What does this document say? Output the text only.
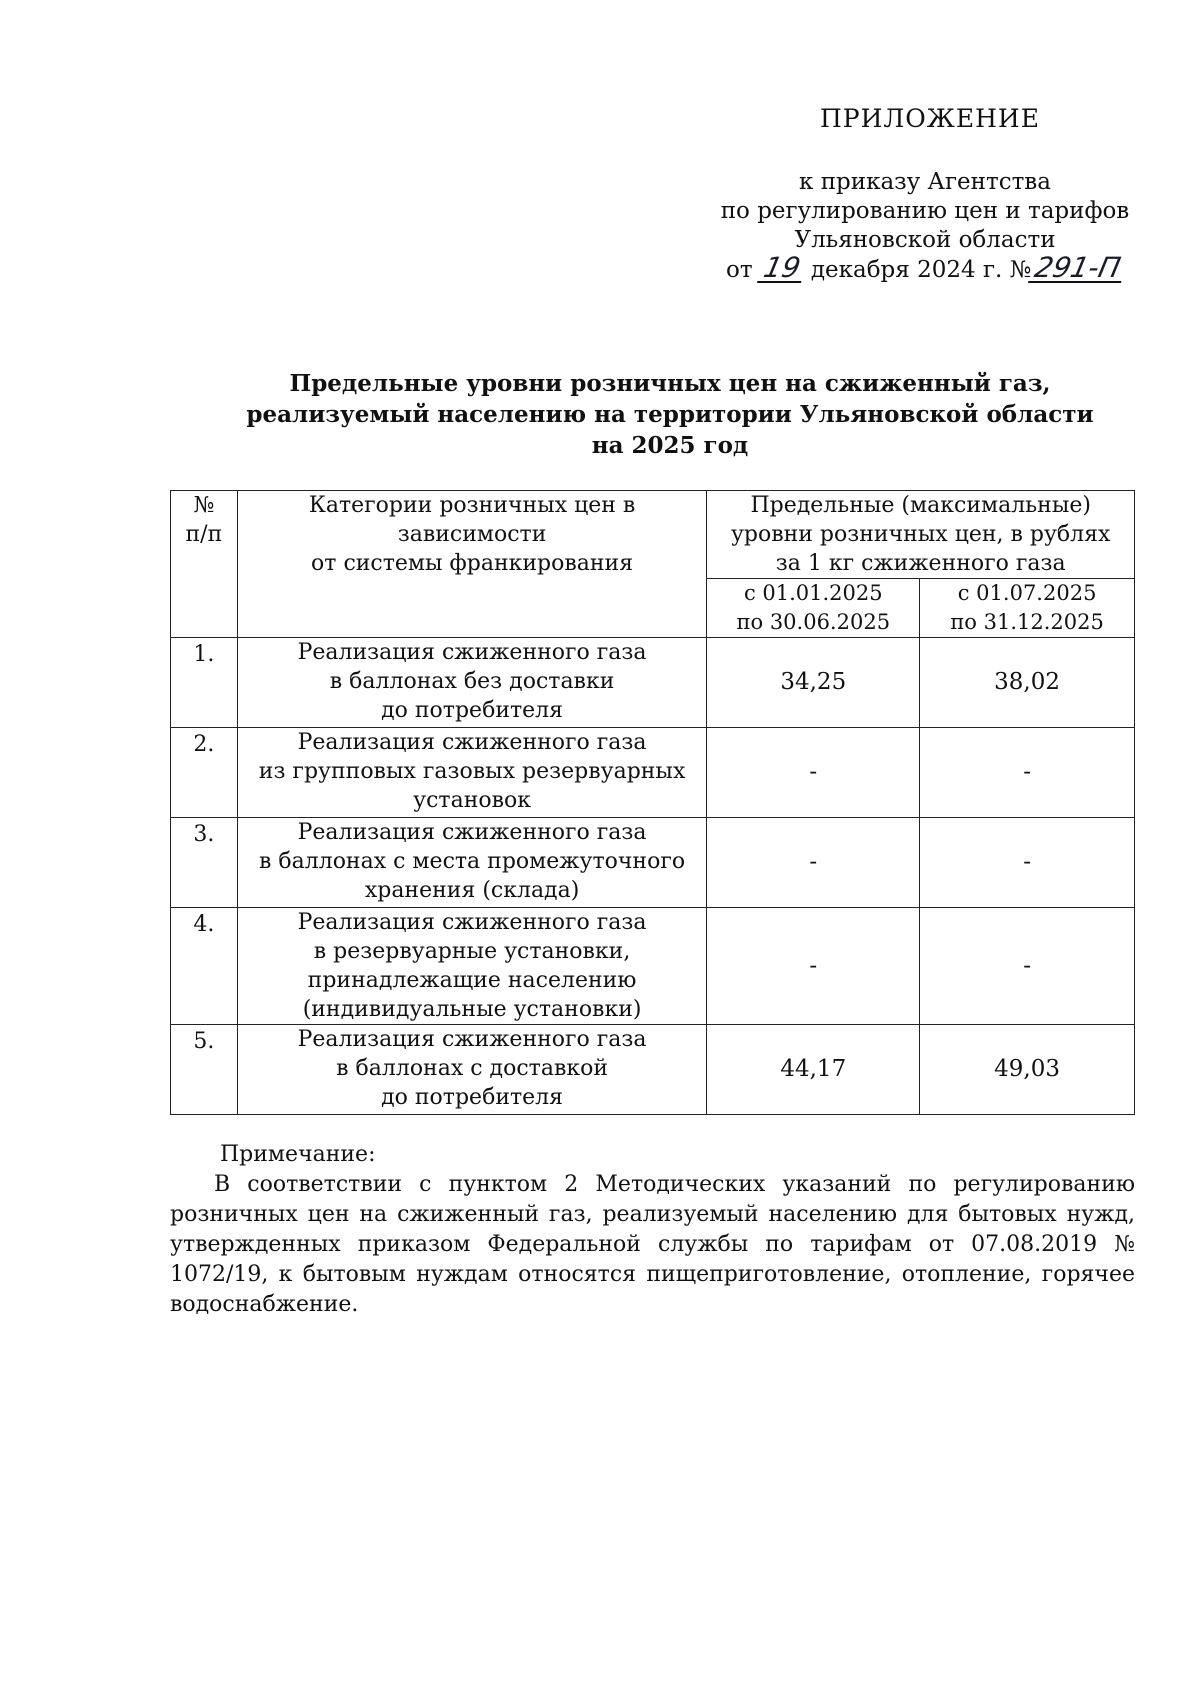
ПРИЛОЖЕНИЕ
к приказу Агентства
по регулированию цен и тарифов
Ульяновской области
от 19 декабря 2024 г. №291-П
Предельные уровни розничных цен на сжиженный газ,
реализуемый населению на территории Ульяновской области
на 2025 год
№
п/п	Категории розничных цен в
зависимости
от системы франкирования	Предельные (максимальные)
уровни розничных цен, в рублях
за 1 кг сжиженного газа	

		с 01.01.2025
по 30.06.2025	с 01.07.2025
по 31.12.2025

1.	Реализация сжиженного газа
в баллонах без доставки
до потребителя	34,25	38,02
2.	Реализация сжиженного газа
из групповых газовых резервуарных
установок	-	-
3.	Реализация сжиженного газа
в баллонах с места промежуточного
хранения (склада)	-	-
4.	Реализация сжиженного газа
в резервуарные установки,
принадлежащие населению
(индивидуальные установки)	-	-
5.	Реализация сжиженного газа
в баллонах с доставкой
до потребителя	44,17	49,03
Примечание:
В соответствии с пунктом 2 Методических указаний по регулированию розничных цен на сжиженный газ, реализуемый населению для бытовых нужд, утвержденных приказом Федеральной службы по тарифам от 07.08.2019 № 1072/19, к бытовым нуждам относятся пищеприготовление, отопление, горячее водоснабжение.
